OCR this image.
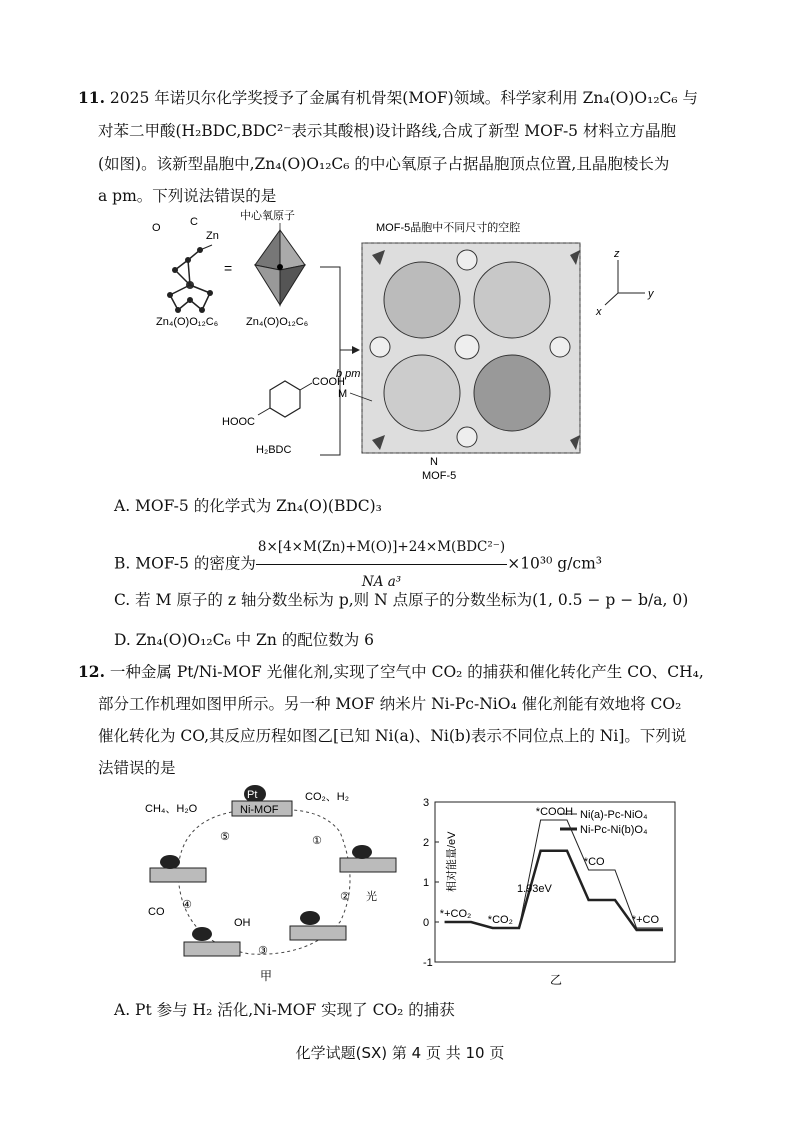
11. 2025 年诺贝尔化学奖授予了金属有机骨架(MOF)领域。科学家利用 Zn₄(O)O₁₂C₆ 与
对苯二甲酸(H₂BDC,BDC²⁻表示其酸根)设计路线,合成了新型 MOF-5 材料立方晶胞
(如图)。该新型晶胞中,Zn₄(O)O₁₂C₆ 的中心氧原子占据晶胞顶点位置,且晶胞棱长为
a pm。下列说法错误的是
O	C
Zn
=
Zn₄(O)O₁₂C₆
中心氧原子
Zn₄(O)O₁₂C₆
COOH
HOOC
H₂BDC
MOF-5晶胞中不同尺寸的空腔
b pm
M
N
MOF-5
z
y
x
A. MOF-5 的化学式为 Zn₄(O)(BDC)₃
B. MOF-5 的密度为 $\frac{\text{8×[4×M(Zn)+M(O)]+24×M(BDC²⁻)}}{\text{NA a³}} \times 10^{30}$ g/cm³
C. 若 M 原子的 z 轴分数坐标为 p,则 N 点原子的分数坐标为(1, 0.5 − p − b/a, 0)
D. Zn₄(O)O₁₂C₆ 中 Zn 的配位数为 6
12. 一种金属 Pt/Ni-MOF 光催化剂,实现了空气中 CO₂ 的捕获和催化转化产生 CO、CH₄,
部分工作机理如图甲所示。另一种 MOF 纳米片 Ni-Pc-NiO₄ 催化剂能有效地将 CO₂
催化转化为 CO,其反应历程如图乙[已知 Ni(a)、Ni(b)表示不同位点上的 Ni]。下列说
法错误的是
Pt
Ni-MOF
CH₄、H₂O
CO₂、H₂
CO
光
OH
⑤	①
②
③
④
甲
相对能量/eV
-1
0
1
2
3
*+CO₂ *CO₂
*COOH
*CO
*+CO
Ni(a)-Pc-NiO₄
Ni-Pc-Ni(b)O₄
1.93eV
乙
A. Pt 参与 H₂ 活化,Ni-MOF 实现了 CO₂ 的捕获
化学试题(SX) 第 4 页 共 10 页
